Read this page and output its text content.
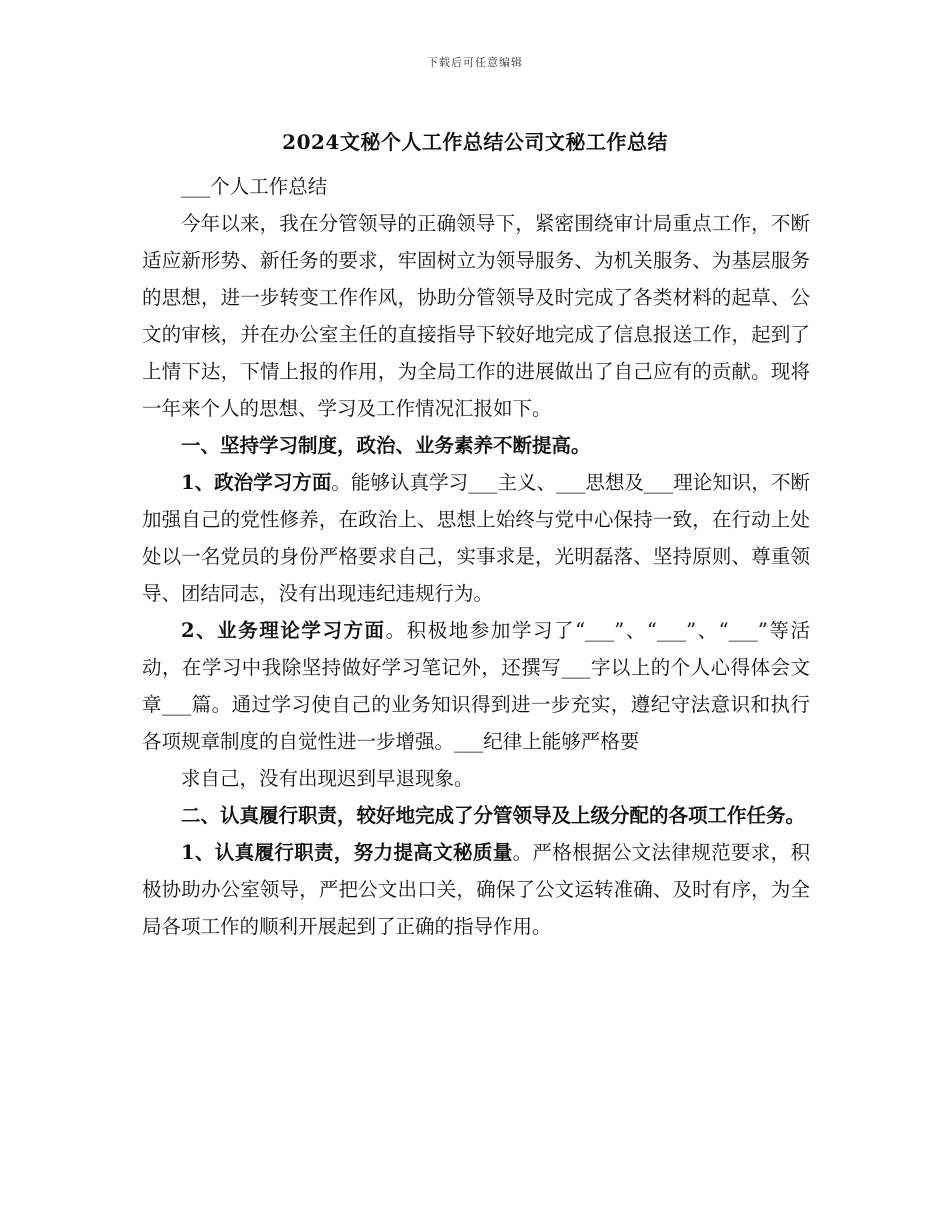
下载后可任意编辑
2024文秘个人工作总结公司文秘工作总结

___个人工作总结

今年以来，我在分管领导的正确领导下，紧密围绕审计局重点工作，不断适应新形势、新任务的要求，牢固树立为领导服务、为机关服务、为基层服务的思想，进一步转变工作作风，协助分管领导及时完成了各类材料的起草、公文的审核，并在办公室主任的直接指导下较好地完成了信息报送工作，起到了上情下达，下情上报的作用，为全局工作的进展做出了自己应有的贡献。现将一年来个人的思想、学习及工作情况汇报如下。

一、坚持学习制度，政治、业务素养不断提高。

1、政治学习方面。能够认真学习___主义、___思想及___理论知识，不断加强自己的党性修养，在政治上、思想上始终与党中心保持一致，在行动上处处以一名党员的身份严格要求自己，实事求是，光明磊落、坚持原则、尊重领导、团结同志，没有出现违纪违规行为。

2、业务理论学习方面。积极地参加学习了“___”、“___”、“___”等活动，在学习中我除坚持做好学习笔记外，还撰写___字以上的个人心得体会文章___篇。通过学习使自己的业务知识得到进一步充实，遵纪守法意识和执行各项规章制度的自觉性进一步增强。___纪律上能够严格要

求自己，没有出现迟到早退现象。

二、认真履行职责，较好地完成了分管领导及上级分配的各项工作任务。

1、认真履行职责，努力提高文秘质量。严格根据公文法律规范要求，积极协助办公室领导，严把公文出口关，确保了公文运转准确、及时有序，为全局各项工作的顺利开展起到了正确的指导作用。
